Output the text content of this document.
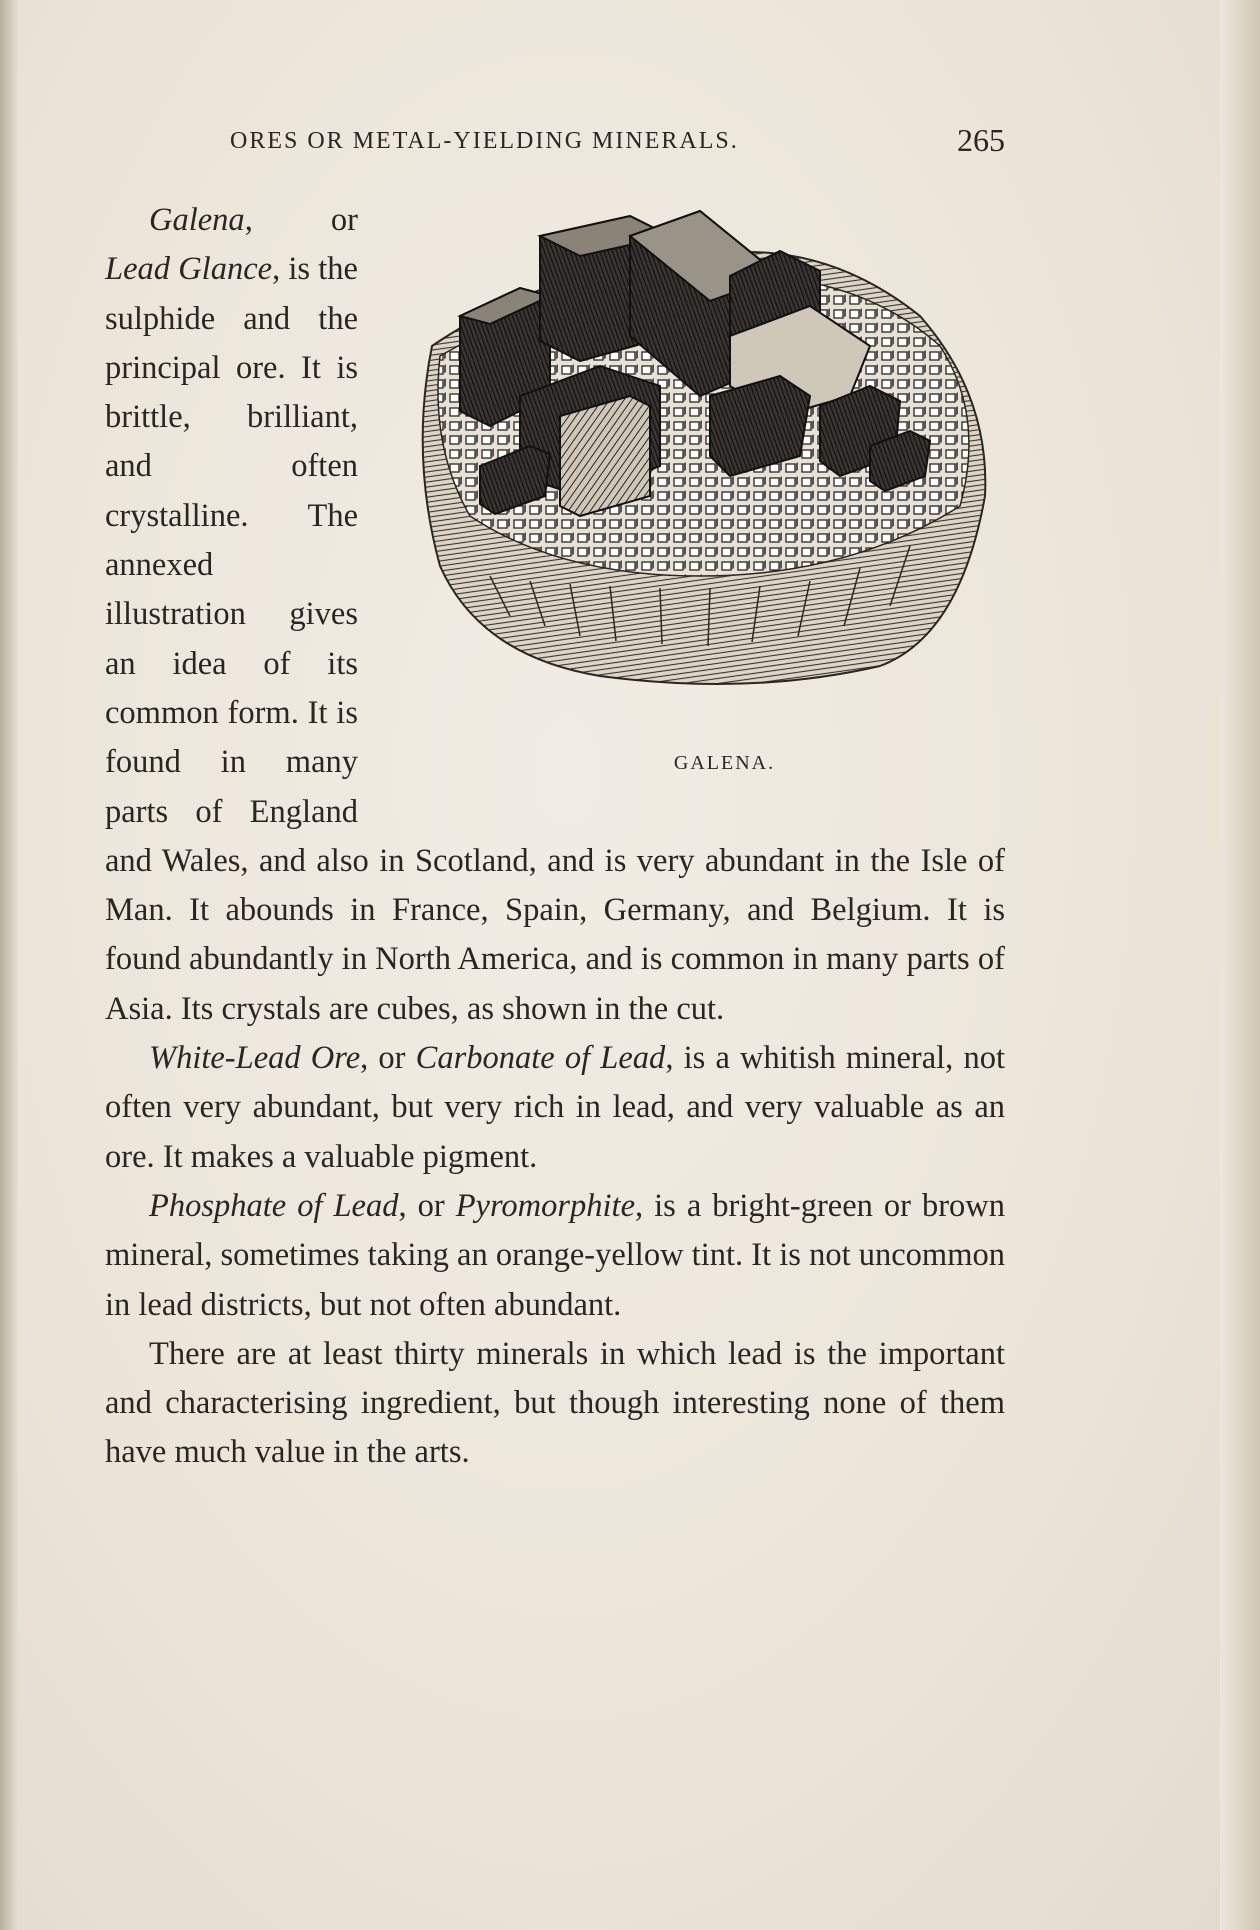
ORES OR METAL-YIELDING MINERALS.	265

GALENA.
Galena, or Lead Glance, is the sulphide and the principal ore. It is brittle, brilliant, and often crystalline. The annexed illustration gives an idea of its common form. It is found in many parts of England and Wales, and also in Scotland, and is very abundant in the Isle of Man. It abounds in France, Spain, Germany, and Belgium. It is found abundantly in North America, and is common in many parts of Asia. Its crystals are cubes, as shown in the cut.

White-Lead Ore, or Carbonate of Lead, is a whitish mineral, not often very abundant, but very rich in lead, and very valuable as an ore. It makes a valuable pigment.

Phosphate of Lead, or Pyromorphite, is a bright-green or brown mineral, sometimes taking an orange-yellow tint. It is not uncommon in lead districts, but not often abundant.

There are at least thirty minerals in which lead is the important and characterising ingredient, but though interesting none of them have much value in the arts.
